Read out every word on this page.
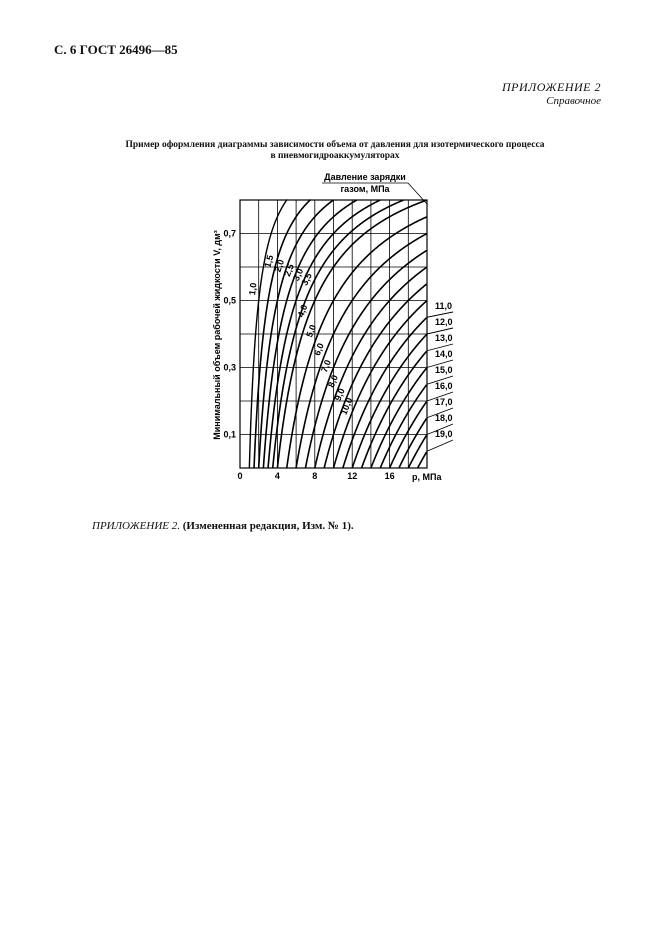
С. 6 ГОСТ 26496—85
ПРИЛОЖЕНИЕ 2
Справочное
Пример оформления диаграммы зависимости объема от давления для изотермического процесса
в пневмогидроаккумуляторах
0	4	8	12	16
0,1
0,3
0,5
0,7
1,0
1,5
2,0
2,5
3,0
3,5
4,0
5,0
6,0
7,0
8,0
9,0
10,0
11,0
12,0
13,0
14,0
15,0
16,0
17,0
18,0
19,0
Давление зарядки
газом, МПа
р, МПа
Минимальный объем рабочей жидкости V, дм³
ПРИЛОЖЕНИЕ 2. (Измененная редакция, Изм. № 1).
